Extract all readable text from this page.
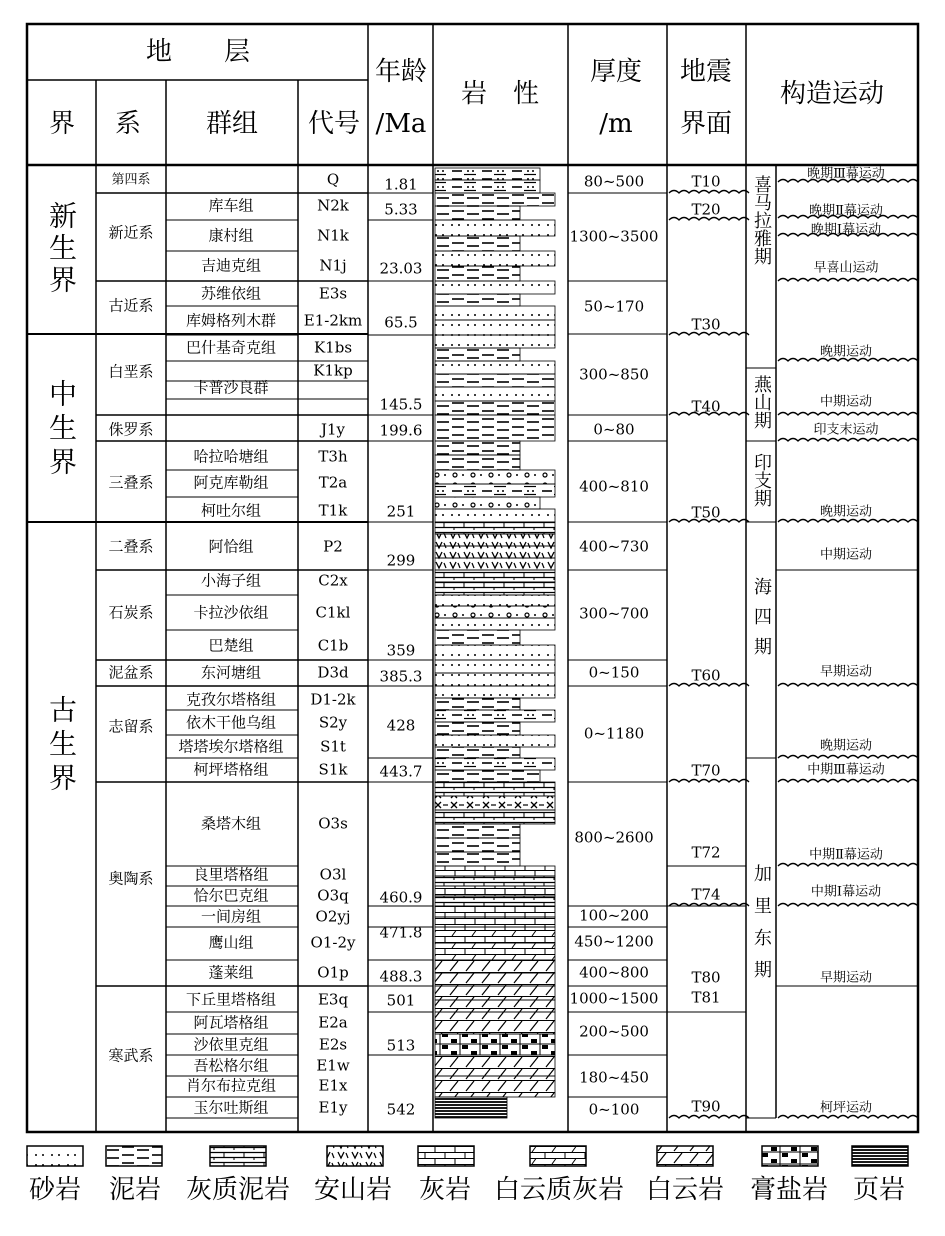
地　　层
界 系 群组 代号
年龄
/Ma
岩　性
厚度
/m
地震
界面
构造运动
新生界
中生界
古生界
第四系
新近系
古近系
白垩系
侏罗系
三叠系
二叠系
石炭系
泥盆系
志留系
奥陶系
寒武系
库车组
康村组
吉迪克组
苏维依组
库姆格列木群
巴什基奇克组
卡普沙良群
哈拉哈塘组
阿克库勒组
柯吐尔组
阿恰组
小海子组
卡拉沙依组
巴楚组
东河塘组
克孜尔塔格组
依木干他乌组
塔塔埃尔塔格组
柯坪塔格组
桑塔木组
良里塔格组
恰尔巴克组
一间房组
鹰山组
蓬莱组
下丘里塔格组
阿瓦塔格组
沙依里克组
吾松格尔组
肖尔布拉克组
玉尔吐斯组
Q
N2k
N1k
N1j
E3s
E1-2km
K1bs
K1kp
J1y
T3h
T2a
T1k
P2
C2x
C1kl
C1b
D3d
D1-2k
S2y
S1t
S1k
O3s
O3l
O3q
O2yj
O1-2y
O1p
E3q
E2a
E2s
E1w
E1x
E1y
1.81
5.33
23.03
65.5
145.5
199.6
251
299
359
385.3
428
443.7
460.9
471.8
488.3
501
513
542
80~500
1300~3500
50~170
300~850
0~80
400~810
400~730
300~700
0~150
0~1180
800~2600
100~200
450~1200
400~800
1000~1500
200~500
180~450
0~100
T10
T20
T30
T40
T50
T60
T70
T72
T74
T80
T81
T90
喜马拉雅期
燕山期
印支期
海四期
加里东期
晚期Ⅲ幕运动
晚期Ⅱ幕运动
晚期Ⅰ幕运动
早喜山运动
晚期运动
中期运动
印支末运动
晚期运动
中期运动
早期运动
晚期运动
中期Ⅲ幕运动
中期Ⅱ幕运动
中期Ⅰ幕运动
早期运动
柯坪运动
砂岩 泥岩 灰质泥岩 安山岩 灰岩 白云质灰岩 白云岩 膏盐岩 页岩
